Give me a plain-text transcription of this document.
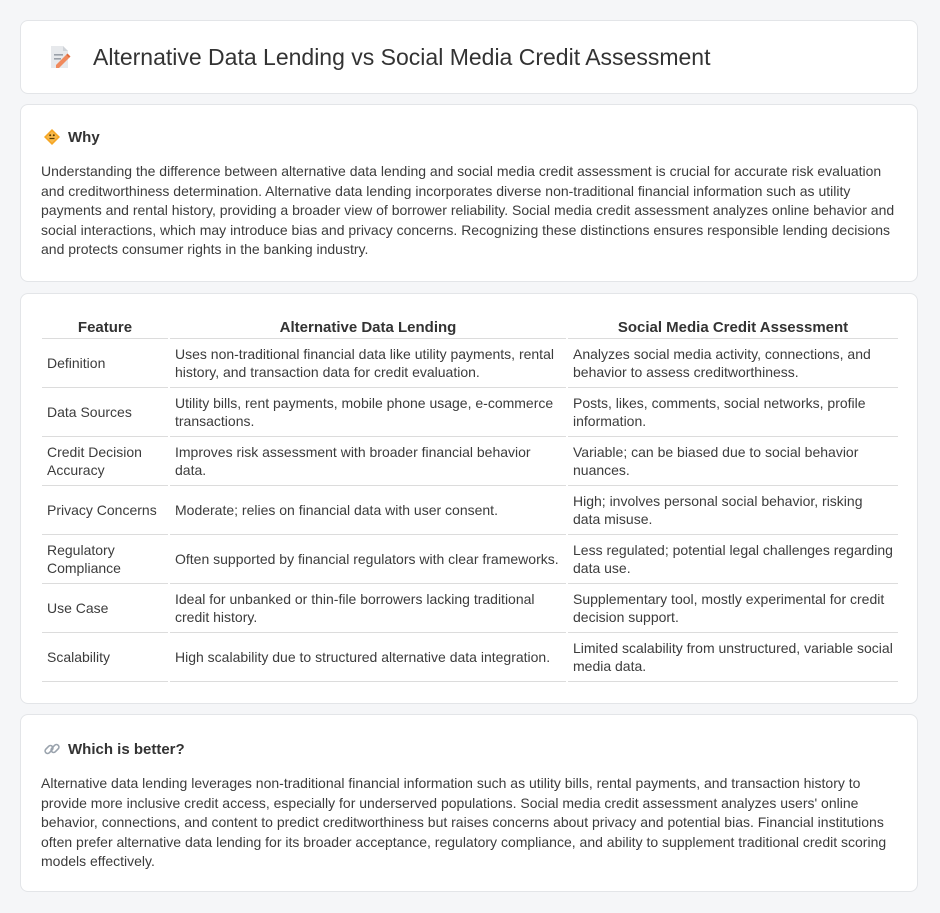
Alternative Data Lending vs Social Media Credit Assessment
Why
Understanding the difference between alternative data lending and social media credit assessment is crucial for accurate risk evaluation and creditworthiness determination. Alternative data lending incorporates diverse non-traditional financial information such as utility payments and rental history, providing a broader view of borrower reliability. Social media credit assessment analyzes online behavior and social interactions, which may introduce bias and privacy concerns. Recognizing these distinctions ensures responsible lending decisions and protects consumer rights in the banking industry.
Feature	Alternative Data Lending	Social Media Credit Assessment
Definition	Uses non-traditional financial data like utility payments, rental history, and transaction data for credit evaluation.	Analyzes social media activity, connections, and behavior to assess creditworthiness.
Data Sources	Utility bills, rent payments, mobile phone usage, e-commerce transactions.	Posts, likes, comments, social networks, profile information.
Credit Decision Accuracy	Improves risk assessment with broader financial behavior data.	Variable; can be biased due to social behavior nuances.
Privacy Concerns	Moderate; relies on financial data with user consent.	High; involves personal social behavior, risking data misuse.
Regulatory Compliance	Often supported by financial regulators with clear frameworks.	Less regulated; potential legal challenges regarding data use.
Use Case	Ideal for unbanked or thin-file borrowers lacking traditional credit history.	Supplementary tool, mostly experimental for credit decision support.
Scalability	High scalability due to structured alternative data integration.	Limited scalability from unstructured, variable social media data.
Which is better?
Alternative data lending leverages non-traditional financial information such as utility bills, rental payments, and transaction history to provide more inclusive credit access, especially for underserved populations. Social media credit assessment analyzes users' online behavior, connections, and content to predict creditworthiness but raises concerns about privacy and potential bias. Financial institutions often prefer alternative data lending for its broader acceptance, regulatory compliance, and ability to supplement traditional credit scoring models effectively.
